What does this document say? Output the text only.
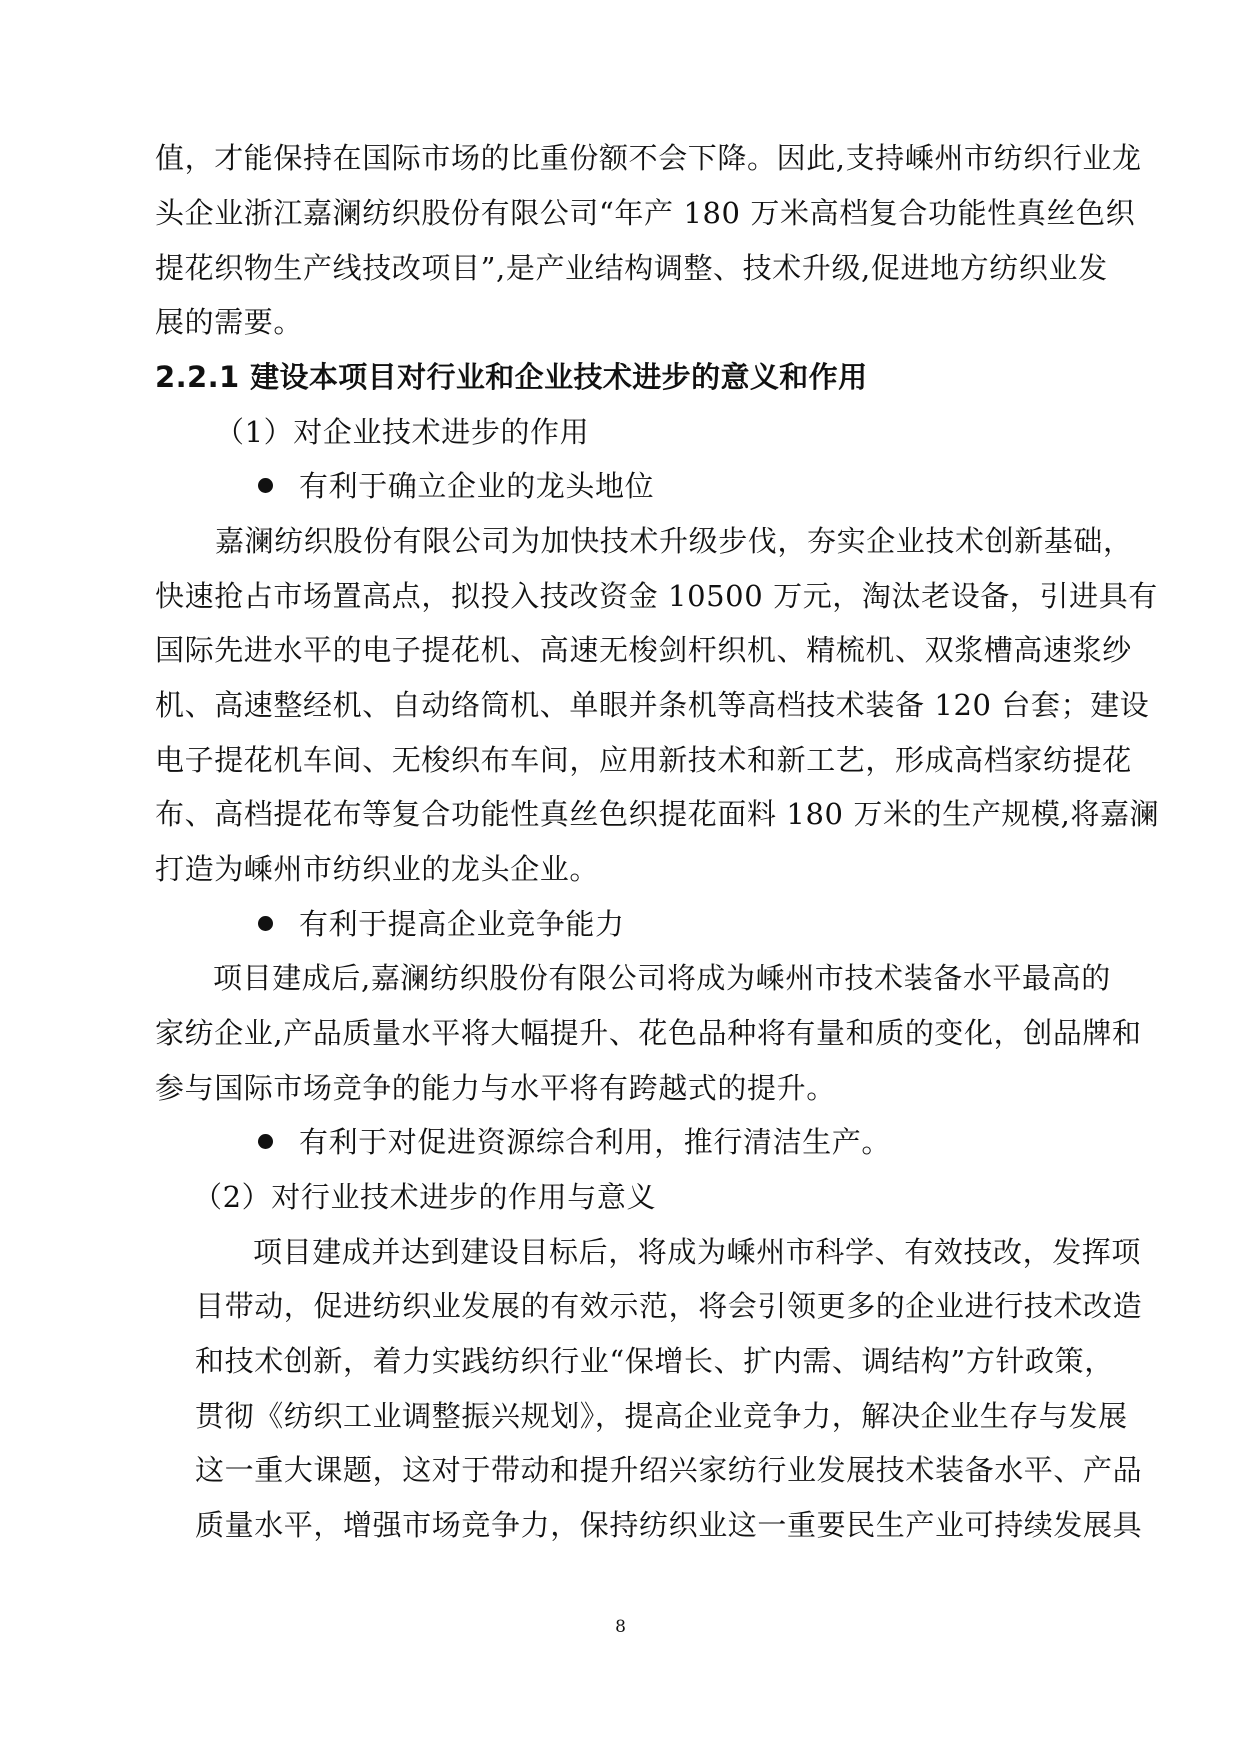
值，才能保持在国际市场的比重份额不会下降。因此,支持嵊州市纺织行业龙
头企业浙江嘉澜纺织股份有限公司“年产 180 万米高档复合功能性真丝色织
提花织物生产线技改项目”,是产业结构调整、技术升级,促进地方纺织业发
展的需要。
2.2.1 建设本项目对行业和企业技术进步的意义和作用
（1）对企业技术进步的作用
有利于确立企业的龙头地位
嘉澜纺织股份有限公司为加快技术升级步伐，夯实企业技术创新基础，
快速抢占市场置高点，拟投入技改资金 10500 万元，淘汰老设备，引进具有
国际先进水平的电子提花机、高速无梭剑杆织机、精梳机、双浆槽高速浆纱
机、高速整经机、自动络筒机、单眼并条机等高档技术装备 120 台套；建设
电子提花机车间、无梭织布车间，应用新技术和新工艺，形成高档家纺提花
布、高档提花布等复合功能性真丝色织提花面料 180 万米的生产规模,将嘉澜
打造为嵊州市纺织业的龙头企业。
有利于提高企业竞争能力
项目建成后,嘉澜纺织股份有限公司将成为嵊州市技术装备水平最高的
家纺企业,产品质量水平将大幅提升、花色品种将有量和质的变化，创品牌和
参与国际市场竞争的能力与水平将有跨越式的提升。
有利于对促进资源综合利用，推行清洁生产。
（2）对行业技术进步的作用与意义
项目建成并达到建设目标后，将成为嵊州市科学、有效技改，发挥项
目带动，促进纺织业发展的有效示范，将会引领更多的企业进行技术改造
和技术创新，着力实践纺织行业“保增长、扩内需、调结构”方针政策，
贯彻《纺织工业调整振兴规划》，提高企业竞争力，解决企业生存与发展
这一重大课题，这对于带动和提升绍兴家纺行业发展技术装备水平、产品
质量水平，增强市场竞争力，保持纺织业这一重要民生产业可持续发展具
8
